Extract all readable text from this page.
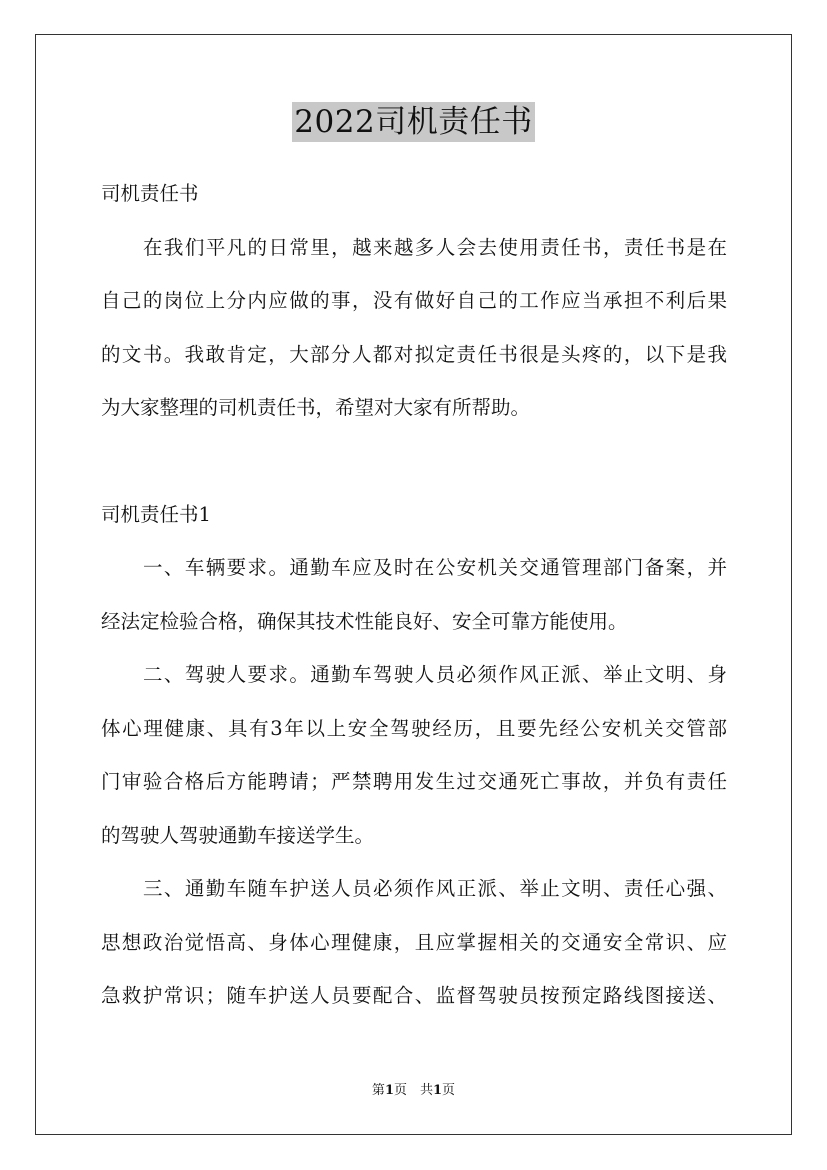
2022司机责任书
司机责任书
在我们平凡的日常里，越来越多人会去使用责任书，责任书是在
自己的岗位上分内应做的事，没有做好自己的工作应当承担不利后果
的文书。我敢肯定，大部分人都对拟定责任书很是头疼的，以下是我
为大家整理的司机责任书，希望对大家有所帮助。
司机责任书1
一、车辆要求。通勤车应及时在公安机关交通管理部门备案，并
经法定检验合格，确保其技术性能良好、安全可靠方能使用。
二、驾驶人要求。通勤车驾驶人员必须作风正派、举止文明、身
体心理健康、具有3年以上安全驾驶经历，且要先经公安机关交管部
门审验合格后方能聘请；严禁聘用发生过交通死亡事故，并负有责任
的驾驶人驾驶通勤车接送学生。
三、通勤车随车护送人员必须作风正派、举止文明、责任心强、
思想政治觉悟高、身体心理健康，且应掌握相关的交通安全常识、应
急救护常识；随车护送人员要配合、监督驾驶员按预定路线图接送、
第1页　共1页
